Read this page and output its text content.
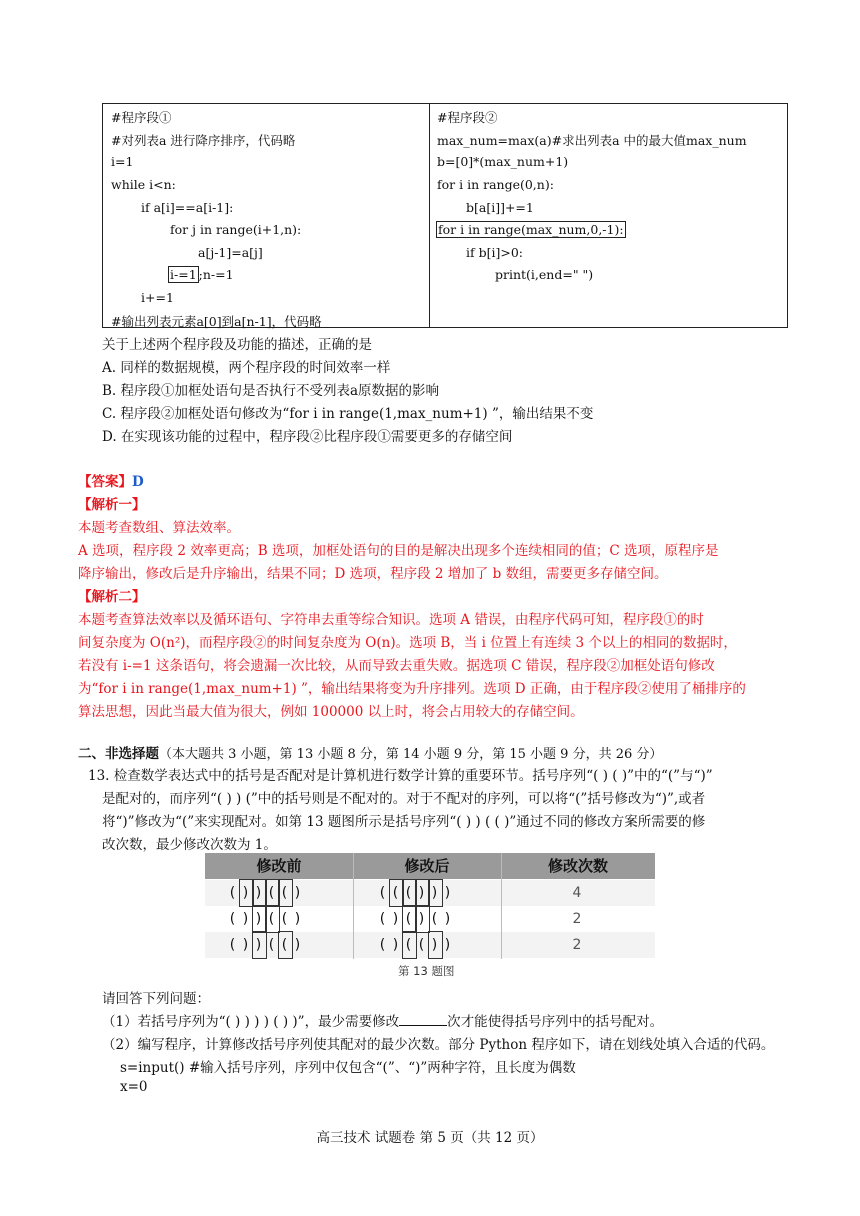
#程序段①
#对列表a 进行降序排序，代码略
i=1
while i<n:
if a[i]==a[i-1]:
for j in range(i+1,n):
a[j-1]=a[j]
i-=1 ;n-=1
i+=1
#输出列表元素a[0]到a[n-1]，代码略
#程序段②
max_num=max(a)#求出列表a 中的最大值max_num
b=[0]*(max_num+1)
for i in range(0,n):
b[a[i]]+=1
for i in range(max_num,0,-1):
if b[i]>0:
print(i,end=" ")
关于上述两个程序段及功能的描述，正确的是
A. 同样的数据规模，两个程序段的时间效率一样
B. 程序段①加框处语句是否执行不受列表a原数据的影响
C. 程序段②加框处语句修改为“for i in range(1,max_num+1) ”，输出结果不变
D. 在实现该功能的过程中，程序段②比程序段①需要更多的存储空间
【答案】D
【解析一】
本题考查数组、算法效率。
A 选项，程序段 2 效率更高；B 选项，加框处语句的目的是解决出现多个连续相同的值；C 选项，原程序是
降序输出，修改后是升序输出，结果不同；D 选项，程序段 2 增加了 b 数组，需要更多存储空间。
【解析二】
本题考查算法效率以及循环语句、字符串去重等综合知识。选项 A 错误，由程序代码可知，程序段①的时
间复杂度为 O(n²)，而程序段②的时间复杂度为 O(n)。选项 B，当 i 位置上有连续 3 个以上的相同的数据时，
若没有 i-=1 这条语句，将会遗漏一次比较，从而导致去重失败。据选项 C 错误，程序段②加框处语句修改
为“for i in range(1,max_num+1) ”，输出结果将变为升序排列。选项 D 正确，由于程序段②使用了桶排序的
算法思想，因此当最大值为很大，例如 100000 以上时，将会占用较大的存储空间。
二、非选择题（本大题共 3 小题，第 13 小题 8 分，第 14 小题 9 分，第 15 小题 9 分，共 26 分）
13. 检查数学表达式中的括号是否配对是计算机进行数学计算的重要环节。括号序列“( ) ( )”中的“(”与“)”
是配对的，而序列“( ) ) (”中的括号则是不配对的。对于不配对的序列，可以将“(”括号修改为“)”,或者
将“)”修改为“(”来实现配对。如第 13 题图所示是括号序列“( ) ) ( ( )”通过不同的修改方案所需要的修
改次数，最少修改次数为 1。
修改前	修改后	修改次数
( ) ) ( ( )	( ( ( ) ) )	4
( ) ) ( ( )	( ) ( ) ( )	2
( ) ) ( ( )	( ) ( ( ) )	2
第 13 题图
请回答下列问题：
（1）若括号序列为“( ) ) ) ) ( ) )”，最少需要修改	次才能使得括号序列中的括号配对。
（2）编写程序，计算修改括号序列使其配对的最少次数。部分 Python 程序如下，请在划线处填入合适的代码。
s=input() #输入括号序列，序列中仅包含“(”、“)”两种字符，且长度为偶数
x=0
高三技术 试题卷 第 5 页（共 12 页）
